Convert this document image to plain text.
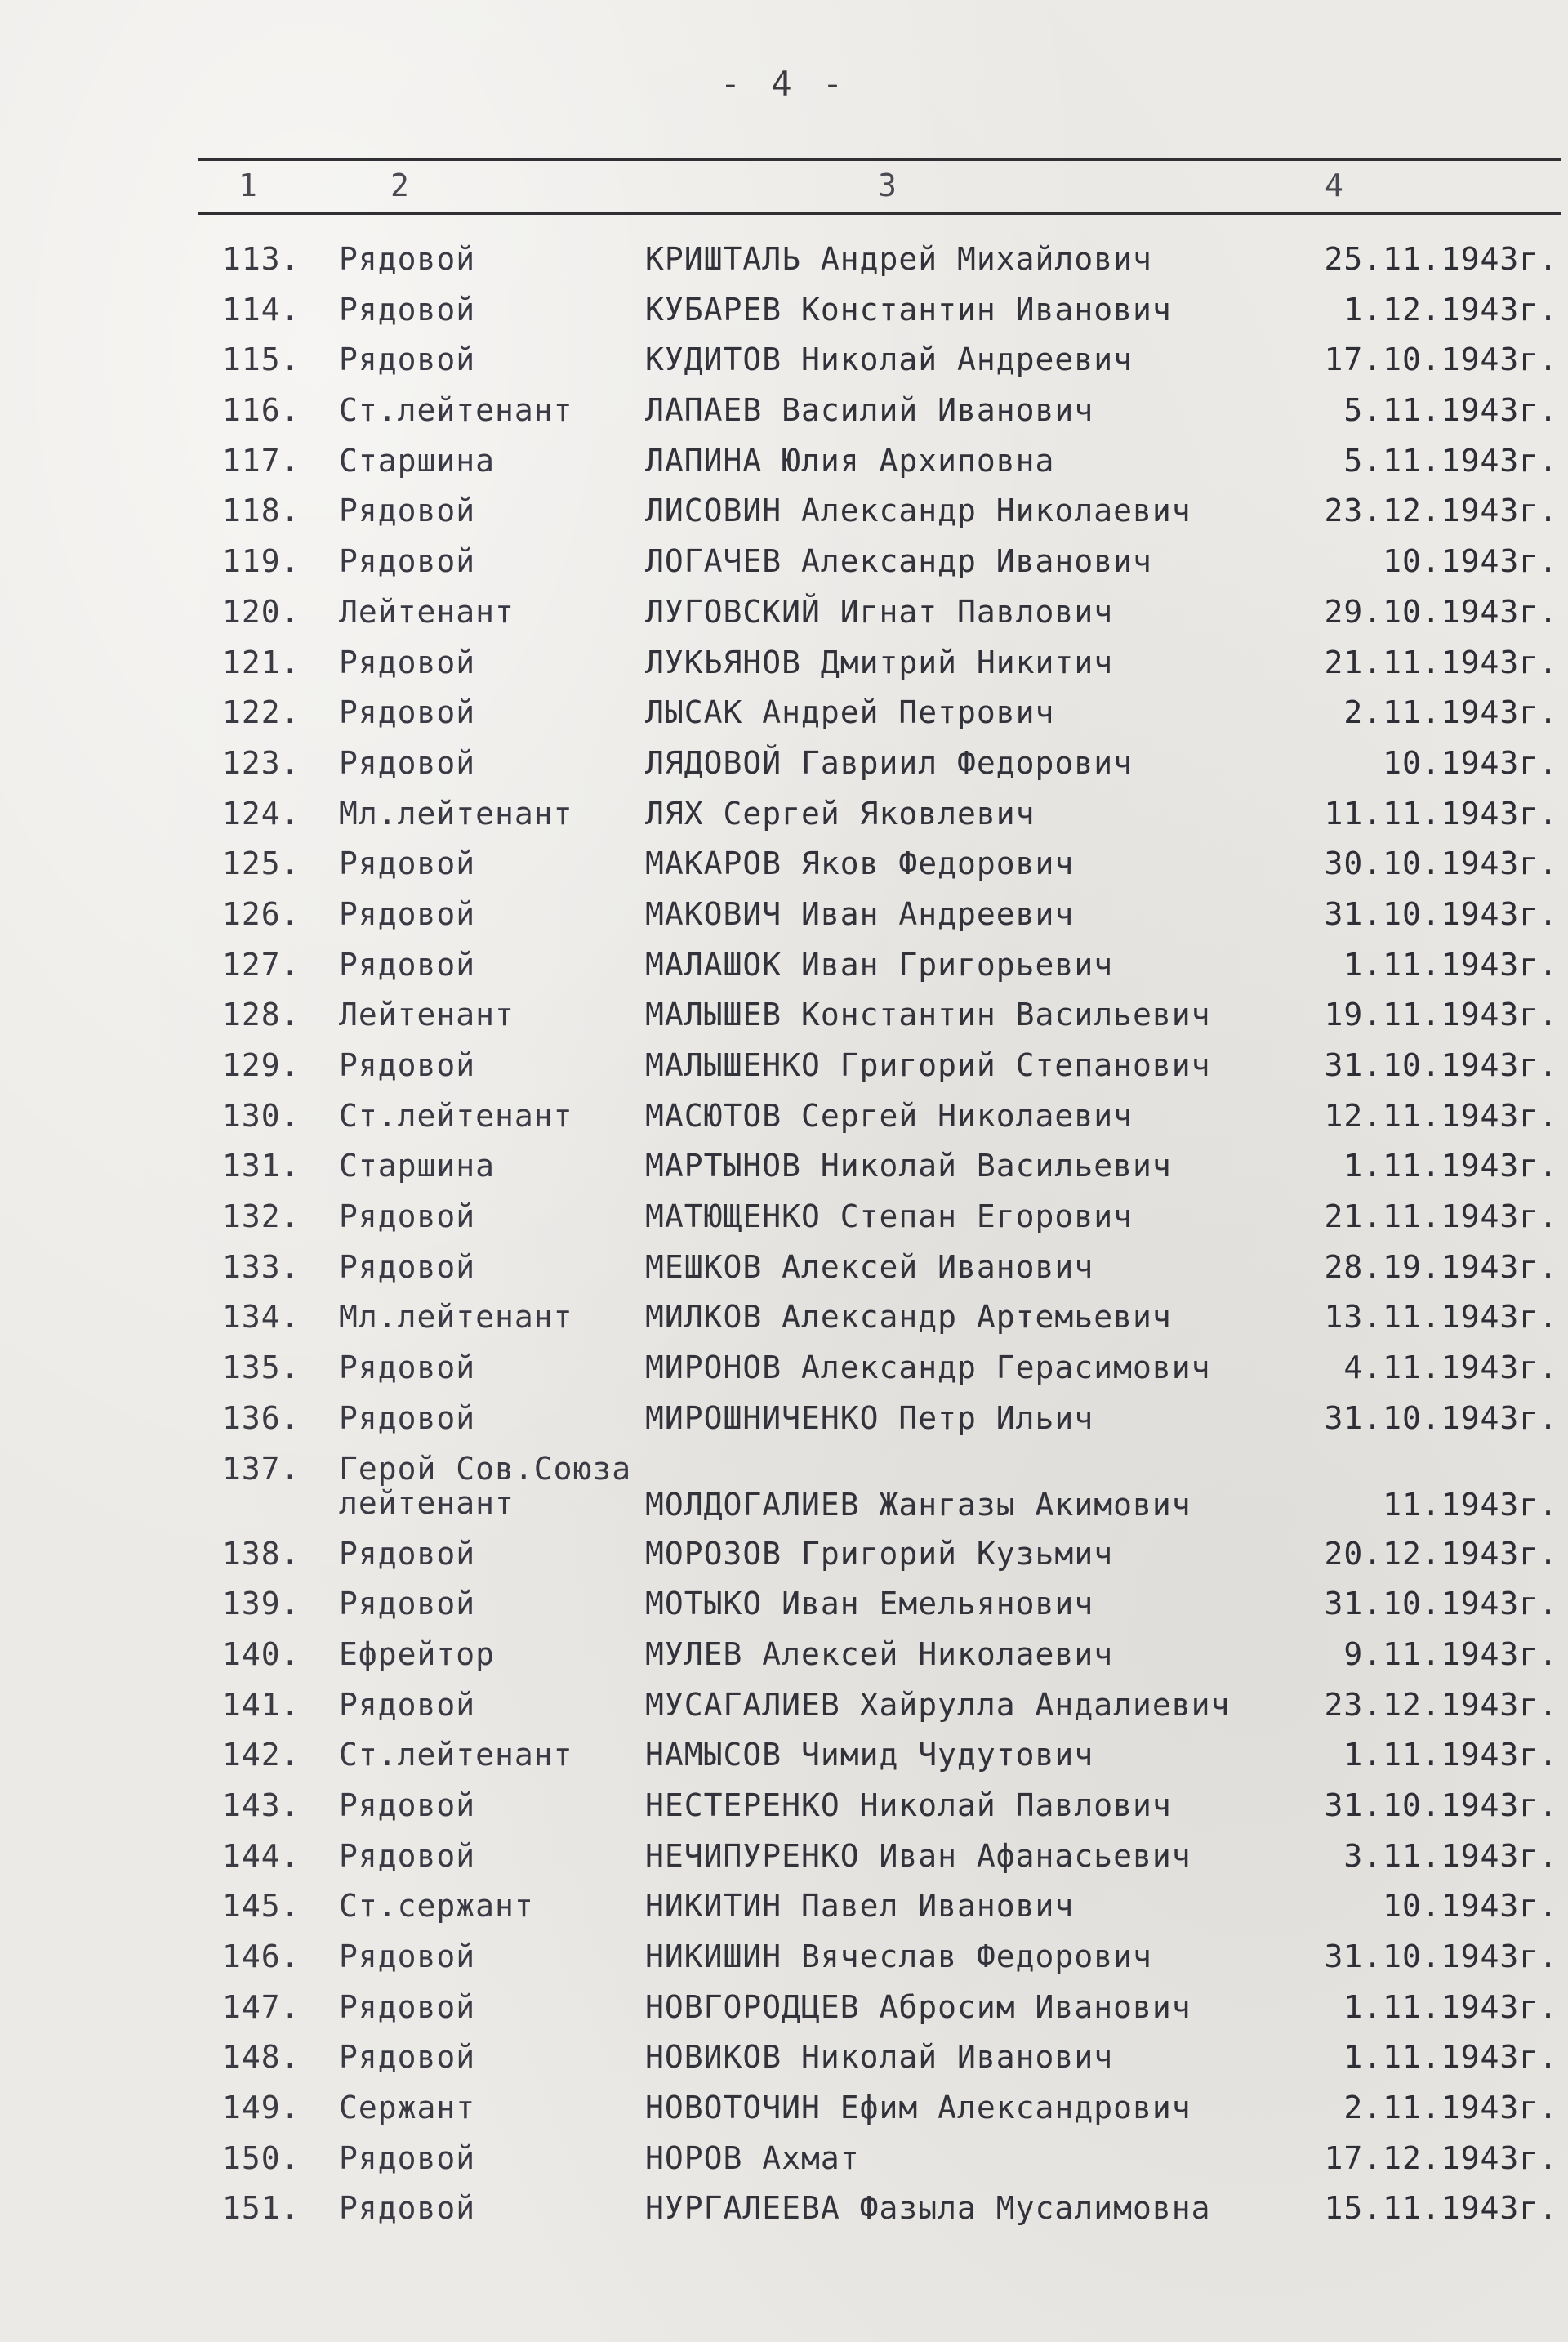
- 4 -
1	2	3	4
113.	Рядовой	КРИШТАЛЬ Андрей Михайлович	25.11.1943г.
114.	Рядовой	КУБАРЕВ Константин Иванович	1.12.1943г.
115.	Рядовой	КУДИТОВ Николай Андреевич	17.10.1943г.
116.	Ст.лейтенант	ЛАПАЕВ Василий Иванович	5.11.1943г.
117.	Старшина	ЛАПИНА Юлия Архиповна	5.11.1943г.
118.	Рядовой	ЛИСОВИН Александр Николаевич	23.12.1943г.
119.	Рядовой	ЛОГАЧЕВ Александр Иванович	10.1943г.
120.	Лейтенант	ЛУГОВСКИЙ Игнат Павлович	29.10.1943г.
121.	Рядовой	ЛУКЬЯНОВ Дмитрий Никитич	21.11.1943г.
122.	Рядовой	ЛЫСАК Андрей Петрович	2.11.1943г.
123.	Рядовой	ЛЯДОВОЙ Гавриил Федорович	10.1943г.
124.	Мл.лейтенант	ЛЯХ Сергей Яковлевич	11.11.1943г.
125.	Рядовой	МАКАРОВ Яков Федорович	30.10.1943г.
126.	Рядовой	МАКОВИЧ Иван Андреевич	31.10.1943г.
127.	Рядовой	МАЛАШОК Иван Григорьевич	1.11.1943г.
128.	Лейтенант	МАЛЫШЕВ Константин Васильевич	19.11.1943г.
129.	Рядовой	МАЛЫШЕНКО Григорий Степанович	31.10.1943г.
130.	Ст.лейтенант	МАСЮТОВ Сергей Николаевич	12.11.1943г.
131.	Старшина	МАРТЫНОВ Николай Васильевич	1.11.1943г.
132.	Рядовой	МАТЮЩЕНКО Степан Егорович	21.11.1943г.
133.	Рядовой	МЕШКОВ Алексей Иванович	28.19.1943г.
134.	Мл.лейтенант	МИЛКОВ Александр Артемьевич	13.11.1943г.
135.	Рядовой	МИРОНОВ Александр Герасимович	4.11.1943г.
136.	Рядовой	МИРОШНИЧЕНКО Петр Ильич	31.10.1943г.
137.	Герой Сов.Союза
лейтенант	МОЛДОГАЛИЕВ Жангазы Акимович	11.1943г.
138.	Рядовой	МОРОЗОВ Григорий Кузьмич	20.12.1943г.
139.	Рядовой	МОТЫКО Иван Емельянович	31.10.1943г.
140.	Ефрейтор	МУЛЕВ Алексей Николаевич	9.11.1943г.
141.	Рядовой	МУСАГАЛИЕВ Хайрулла Андалиевич	23.12.1943г.
142.	Ст.лейтенант	НАМЫСОВ Чимид Чудутович	1.11.1943г.
143.	Рядовой	НЕСТЕРЕНКО Николай Павлович	31.10.1943г.
144.	Рядовой	НЕЧИПУРЕНКО Иван Афанасьевич	3.11.1943г.
145.	Ст.сержант	НИКИТИН Павел Иванович	10.1943г.
146.	Рядовой	НИКИШИН Вячеслав Федорович	31.10.1943г.
147.	Рядовой	НОВГОРОДЦЕВ Абросим Иванович	1.11.1943г.
148.	Рядовой	НОВИКОВ Николай Иванович	1.11.1943г.
149.	Сержант	НОВОТОЧИН Ефим Александрович	2.11.1943г.
150.	Рядовой	НОРОВ Ахмат	17.12.1943г.
151.	Рядовой	НУРГАЛЕЕВА Фазыла Мусалимовна	15.11.1943г.
